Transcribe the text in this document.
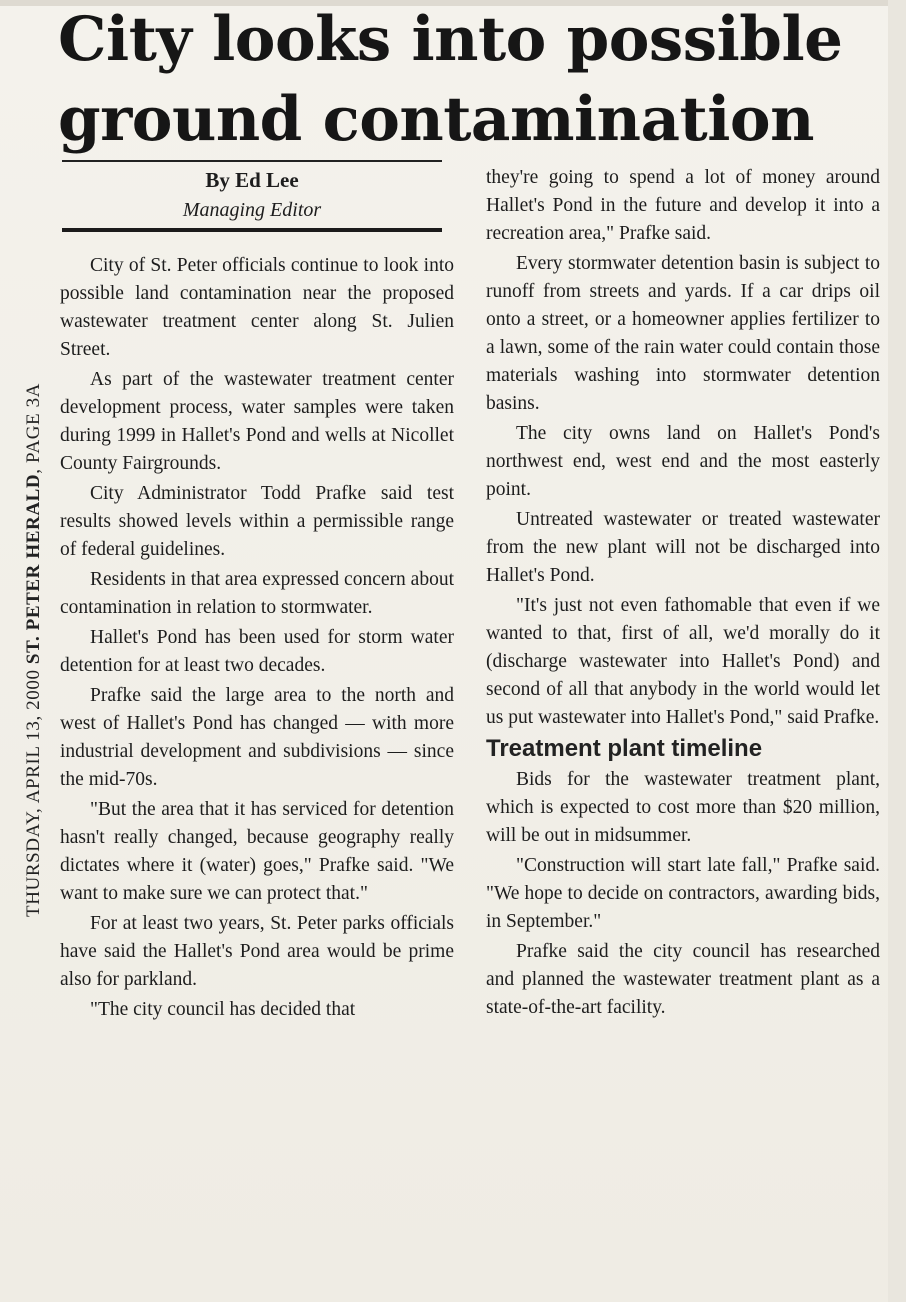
City looks into possible
ground contamination
THURSDAY, APRIL 13, 2000 ST. PETER HERALD, PAGE 3A
By Ed Lee
Managing Editor

City of St. Peter officials continue to look into possible land contamination near the proposed wastewater treatment center along St. Julien Street.

As part of the wastewater treatment center development process, water samples were taken during 1999 in Hallet's Pond and wells at Nicollet County Fairgrounds.

City Administrator Todd Prafke said test results showed levels within a permissible range of federal guidelines.

Residents in that area expressed concern about contamination in relation to stormwater.

Hallet's Pond has been used for storm water detention for at least two decades.

Prafke said the large area to the north and west of Hallet's Pond has changed — with more industrial development and subdivisions — since the mid-70s.

"But the area that it has serviced for detention hasn't really changed, because geography really dictates where it (water) goes," Prafke said. "We want to make sure we can protect that."

For at least two years, St. Peter parks officials have said the Hallet's Pond area would be prime also for parkland.

"The city council has decided that

they're going to spend a lot of money around Hallet's Pond in the future and develop it into a recreation area," Prafke said.

Every stormwater detention basin is subject to runoff from streets and yards. If a car drips oil onto a street, or a homeowner applies fertilizer to a lawn, some of the rain water could contain those materials washing into stormwater detention basins.

The city owns land on Hallet's Pond's northwest end, west end and the most easterly point.

Untreated wastewater or treated wastewater from the new plant will not be discharged into Hallet's Pond.

"It's just not even fathomable that even if we wanted to that, first of all, we'd morally do it (discharge wastewater into Hallet's Pond) and second of all that anybody in the world would let us put wastewater into Hallet's Pond," said Prafke.

Treatment plant timeline

Bids for the wastewater treatment plant, which is expected to cost more than $20 million, will be out in midsummer.

"Construction will start late fall," Prafke said. "We hope to decide on contractors, awarding bids, in September."

Prafke said the city council has researched and planned the wastewater treatment plant as a state-of-the-art facility.
